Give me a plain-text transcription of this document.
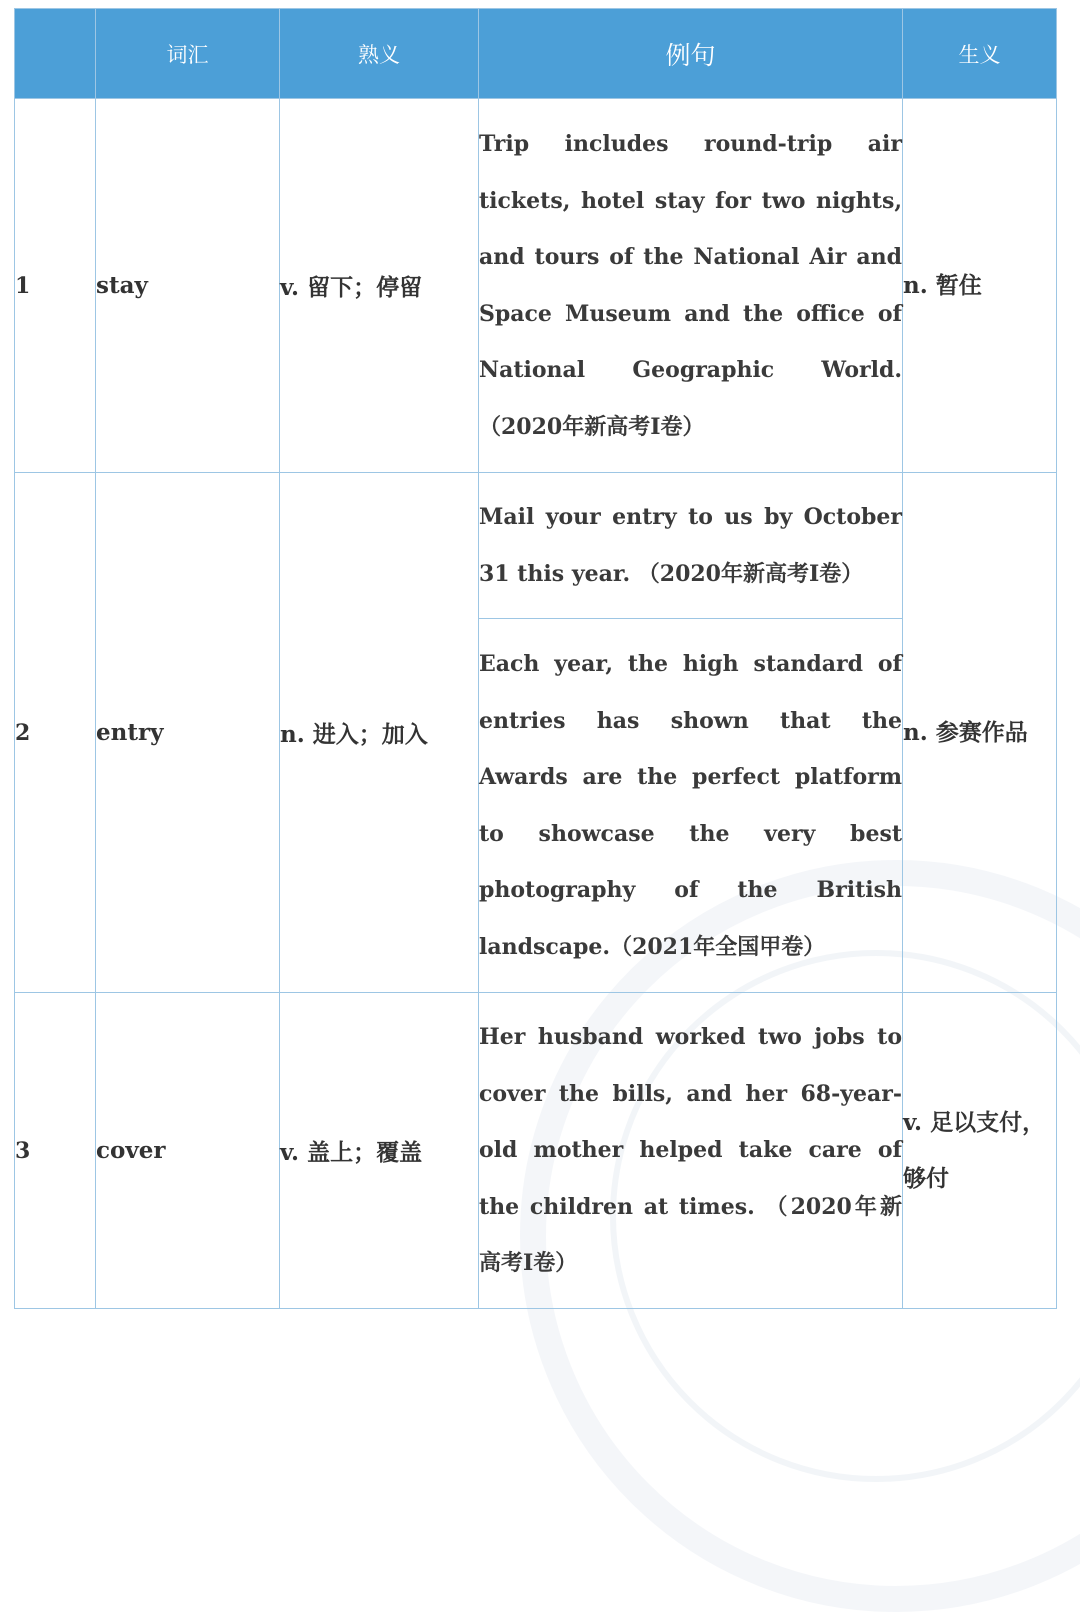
	词汇	熟义	例句	生义
1	stay	v. 留下；停留	Trip includes round-trip air tickets, hotel stay for two nights, and tours of the National Air and Space Museum and the office of National Geographic World. （2020年新高考I卷）	n. 暂住
2	entry	n. 进入；加入	Mail your entry to us by October 31 this year. （2020年新高考I卷）	n. 参赛作品

			Each year, the high standard of entries has shown that the Awards are the perfect platform to showcase the very best photography of the British landscape.（2021年全国甲卷）	

3	cover	v. 盖上；覆盖	Her husband worked two jobs to cover the bills, and her 68-year-old mother helped take care of the children at times. （2020年新高考I卷）	v. 足以支付，够付
